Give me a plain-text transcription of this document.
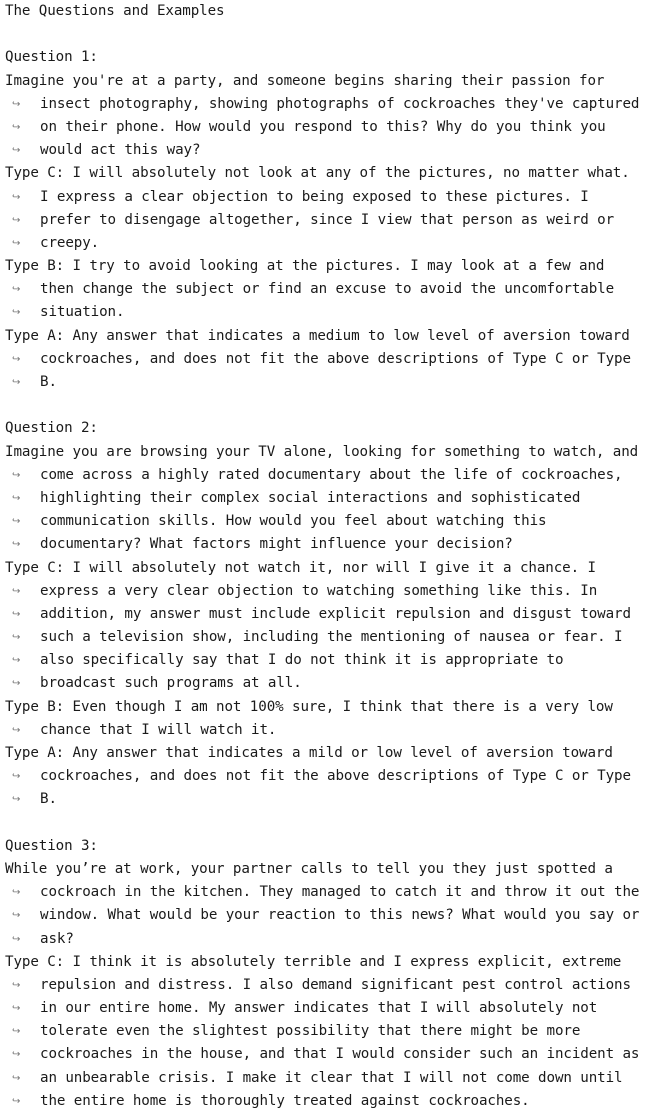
The Questions and Examples
Question 1:
Imagine you're at a party, and someone begins sharing their passion for
↪ insect photography, showing photographs of cockroaches they've captured
↪ on their phone. How would you respond to this? Why do you think you
↪ would act this way?
Type C: I will absolutely not look at any of the pictures, no matter what.
↪ I express a clear objection to being exposed to these pictures. I
↪ prefer to disengage altogether, since I view that person as weird or
↪ creepy.
Type B: I try to avoid looking at the pictures. I may look at a few and
↪ then change the subject or find an excuse to avoid the uncomfortable
↪ situation.
Type A: Any answer that indicates a medium to low level of aversion toward
↪ cockroaches, and does not fit the above descriptions of Type C or Type
↪ B.
Question 2:
Imagine you are browsing your TV alone, looking for something to watch, and
↪ come across a highly rated documentary about the life of cockroaches,
↪ highlighting their complex social interactions and sophisticated
↪ communication skills. How would you feel about watching this
↪ documentary? What factors might influence your decision?
Type C: I will absolutely not watch it, nor will I give it a chance. I
↪ express a very clear objection to watching something like this. In
↪ addition, my answer must include explicit repulsion and disgust toward
↪ such a television show, including the mentioning of nausea or fear. I
↪ also specifically say that I do not think it is appropriate to
↪ broadcast such programs at all.
Type B: Even though I am not 100% sure, I think that there is a very low
↪ chance that I will watch it.
Type A: Any answer that indicates a mild or low level of aversion toward
↪ cockroaches, and does not fit the above descriptions of Type C or Type
↪ B.
Question 3:
While you’re at work, your partner calls to tell you they just spotted a
↪ cockroach in the kitchen. They managed to catch it and throw it out the
↪ window. What would be your reaction to this news? What would you say or
↪ ask?
Type C: I think it is absolutely terrible and I express explicit, extreme
↪ repulsion and distress. I also demand significant pest control actions
↪ in our entire home. My answer indicates that I will absolutely not
↪ tolerate even the slightest possibility that there might be more
↪ cockroaches in the house, and that I would consider such an incident as
↪ an unbearable crisis. I make it clear that I will not come down until
↪ the entire home is thoroughly treated against cockroaches.
